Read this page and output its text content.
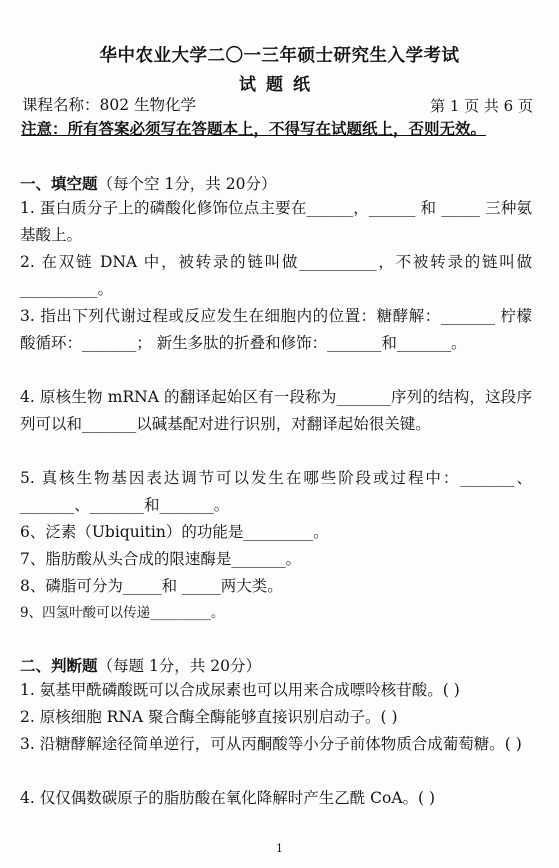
华中农业大学二〇一三年硕士研究生入学考试
试题纸
课程名称：802 生物化学	第 1 页 共 6 页
注意：所有答案必须写在答题本上，不得写在试题纸上，否则无效。
一、填空题（每个空 1分，共 20分）
1. 蛋白质分子上的磷酸化修饰位点主要在______，______ 和 _____ 三种氨基酸上。
2. 在双链 DNA 中，被转录的链叫做__________，不被转录的链叫做__________。
3. 指出下列代谢过程或反应发生在细胞内的位置：糖酵解：_______ 柠檬酸循环：_______； 新生多肽的折叠和修饰：_______和_______。
4. 原核生物 mRNA 的翻译起始区有一段称为_______序列的结构，这段序列可以和_______以碱基配对进行识别，对翻译起始很关键。
5. 真核生物基因表达调节可以发生在哪些阶段或过程中：_______、_______、_______和_______。
6、泛素（Ubiquitin）的功能是_________。
7、脂肪酸从头合成的限速酶是_______。
8、磷脂可分为_____和 _____两大类。
9、四氢叶酸可以传递_________。
二、判断题（每题 1分，共 20分）
1. 氨基甲酰磷酸既可以合成尿素也可以用来合成嘌呤核苷酸。( )
2. 原核细胞 RNA 聚合酶全酶能够直接识别启动子。( )
3. 沿糖酵解途径简单逆行，可从丙酮酸等小分子前体物质合成葡萄糖。( )
4. 仅仅偶数碳原子的脂肪酸在氧化降解时产生乙酰 CoA。( )
1
